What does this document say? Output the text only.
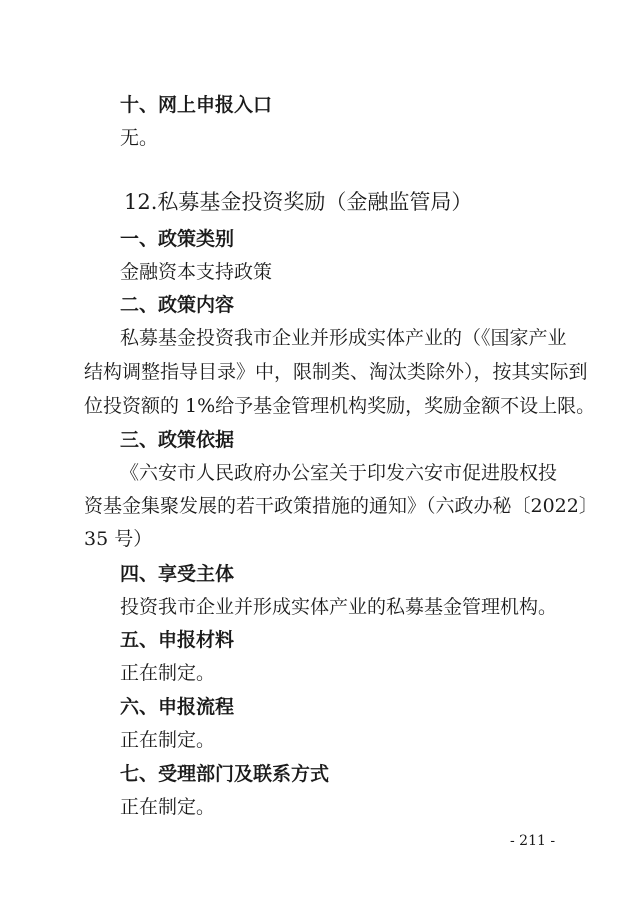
十、网上申报入口
无。
12.私募基金投资奖励（金融监管局）
一、政策类别
金融资本支持政策
二、政策内容
私募基金投资我市企业并形成实体产业的（《国家产业
结构调整指导目录》中，限制类、淘汰类除外），按其实际到
位投资额的 1%给予基金管理机构奖励，奖励金额不设上限。
三、政策依据
《六安市人民政府办公室关于印发六安市促进股权投
资基金集聚发展的若干政策措施的通知》（六政办秘〔2022〕
35 号）
四、享受主体
投资我市企业并形成实体产业的私募基金管理机构。
五、申报材料
正在制定。
六、申报流程
正在制定。
七、受理部门及联系方式
正在制定。
- 211 -
